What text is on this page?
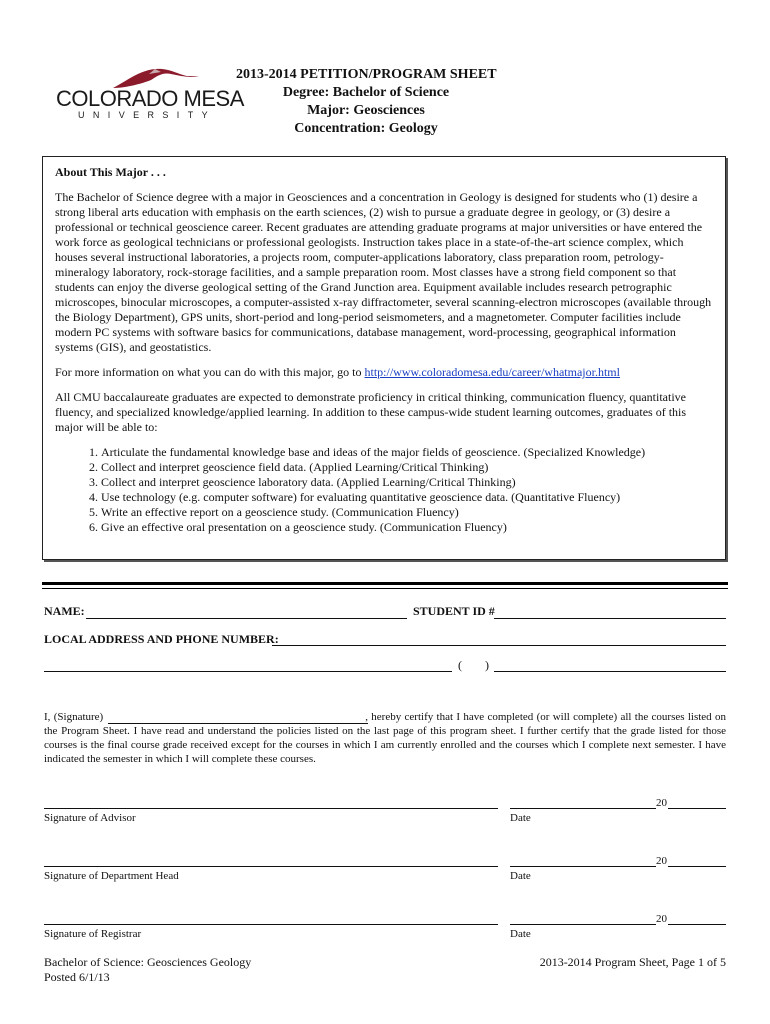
COLORADO MESA
UNIVERSITY
2013-2014 PETITION/PROGRAM SHEET
Degree: Bachelor of Science
Major: Geosciences
Concentration: Geology
About This Major . . .

The Bachelor of Science degree with a major in Geosciences and a concentration in Geology is designed for students who (1) desire a strong liberal arts education with emphasis on the earth sciences, (2) wish to pursue a graduate degree in geology, or (3) desire a professional or technical geoscience career. Recent graduates are attending graduate programs at major universities or have entered the work force as geological technicians or professional geologists. Instruction takes place in a state-of-the-art science complex, which houses several instructional laboratories, a projects room, computer-applications laboratory, class preparation room, petrology-mineralogy laboratory, rock-storage facilities, and a sample preparation room. Most classes have a strong field component so that students can enjoy the diverse geological setting of the Grand Junction area. Equipment available includes research petrographic microscopes, binocular microscopes, a computer-assisted x-ray diffractometer, several scanning-electron microscopes (available through the Biology Department), GPS units, short-period and long-period seismometers, and a magnetometer. Computer facilities include modern PC systems with software basics for communications, database management, word-processing, geographical information systems (GIS), and geostatistics.

For more information on what you can do with this major, go to http://www.coloradomesa.edu/career/whatmajor.html

All CMU baccalaureate graduates are expected to demonstrate proficiency in critical thinking, communication fluency, quantitative fluency, and specialized knowledge/applied learning. In addition to these campus-wide student learning outcomes, graduates of this major will be able to:

1. Articulate the fundamental knowledge base and ideas of the major fields of geoscience. (Specialized Knowledge)
2. Collect and interpret geoscience field data. (Applied Learning/Critical Thinking)
3. Collect and interpret geoscience laboratory data. (Applied Learning/Critical Thinking)
4. Use technology (e.g. computer software) for evaluating quantitative geoscience data. (Quantitative Fluency)
5. Write an effective report on a geoscience study. (Communication Fluency)
6. Give an effective oral presentation on a geoscience study. (Communication Fluency)
NAME:	STUDENT ID #
LOCAL ADDRESS AND PHONE NUMBER:
( )
I, (Signature)	, hereby certify that I have completed (or will complete) all the courses listed on the Program Sheet. I have read and understand the policies listed on the last page of this program sheet. I further certify that the grade listed for those courses is the final course grade received except for the courses in which I am currently enrolled and the courses which I complete next semester. I have indicated the semester in which I will complete these courses.
20
Signature of Advisor	Date
20
Signature of Department Head	Date
20
Signature of Registrar	Date
Bachelor of Science: Geosciences Geology
Posted 6/1/13
2013-2014 Program Sheet, Page 1 of 5
